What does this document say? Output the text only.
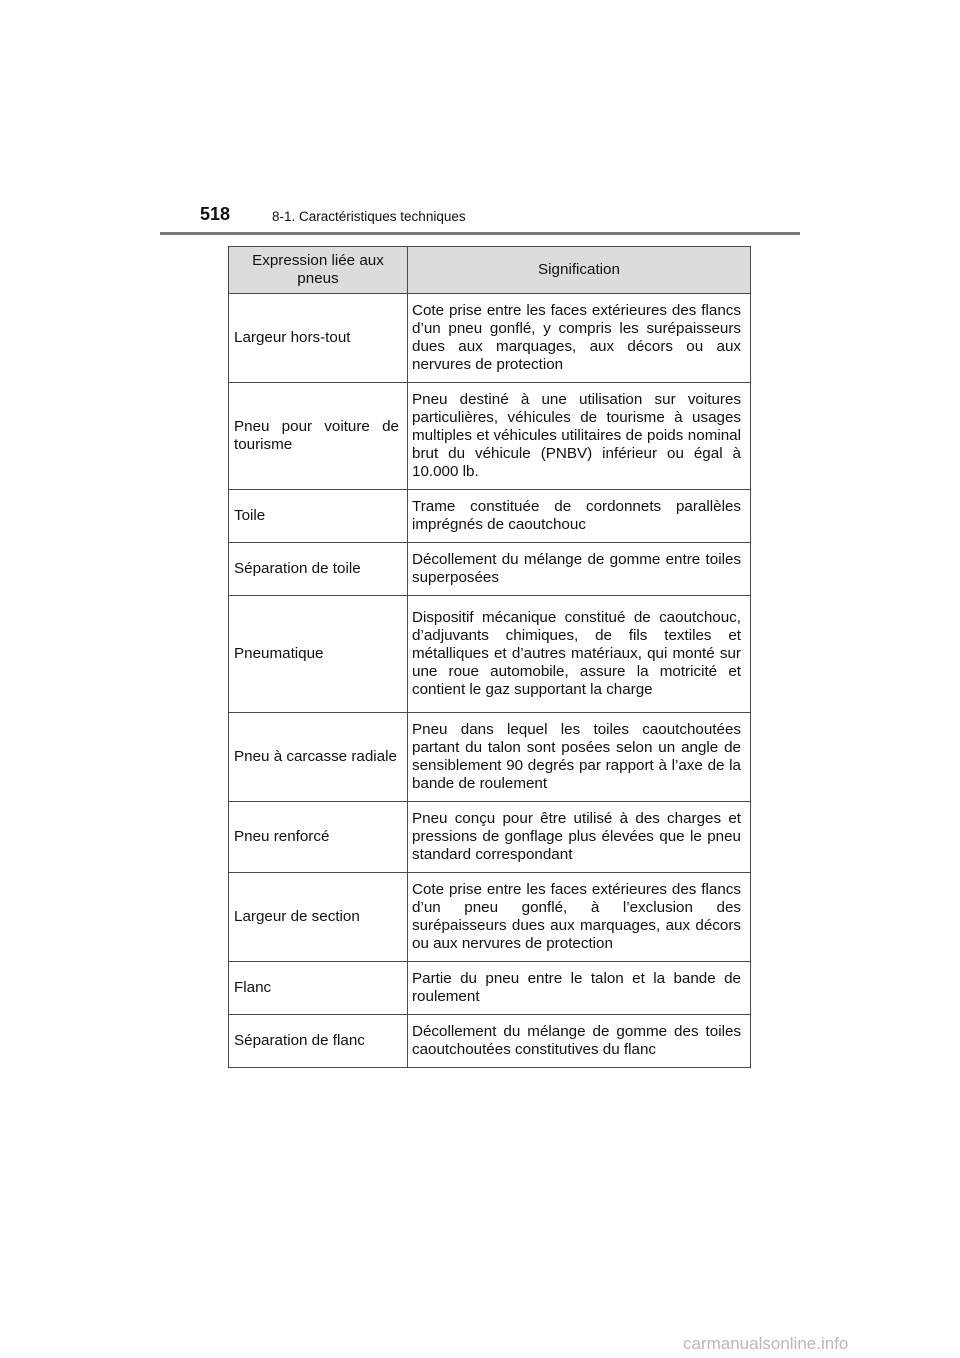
518	8-1. Caractéristiques techniques
Expression liée aux pneus	Signification
Largeur hors-tout	Cote prise entre les faces extérieures des flancs d’un pneu gonflé, y compris les surépaisseurs dues aux marquages, aux décors ou aux nervures de protection
Pneu pour voiture de tourisme	Pneu destiné à une utilisation sur voitures particulières, véhicules de tourisme à usages multiples et véhicules utilitaires de poids nominal brut du véhicule (PNBV) inférieur ou égal à 10.000 lb.
Toile	Trame constituée de cordonnets parallèles imprégnés de caoutchouc
Séparation de toile	Décollement du mélange de gomme entre toiles superposées
Pneumatique	Dispositif mécanique constitué de caoutchouc, d’adjuvants chimiques, de fils textiles et métalliques et d’autres matériaux, qui monté sur une roue automobile, assure la motricité et contient le gaz supportant la charge
Pneu à carcasse radiale	Pneu dans lequel les toiles caoutchoutées partant du talon sont posées selon un angle de sensiblement 90 degrés par rapport à l’axe de la bande de roulement
Pneu renforcé	Pneu conçu pour être utilisé à des charges et pressions de gonflage plus élevées que le pneu standard correspondant
Largeur de section	Cote prise entre les faces extérieures des flancs d’un pneu gonflé, à l’exclusion des surépaisseurs dues aux marquages, aux décors ou aux nervures de protection
Flanc	Partie du pneu entre le talon et la bande de roulement
Séparation de flanc	Décollement du mélange de gomme des toiles caoutchoutées constitutives du flanc
carmanualsonline.info
